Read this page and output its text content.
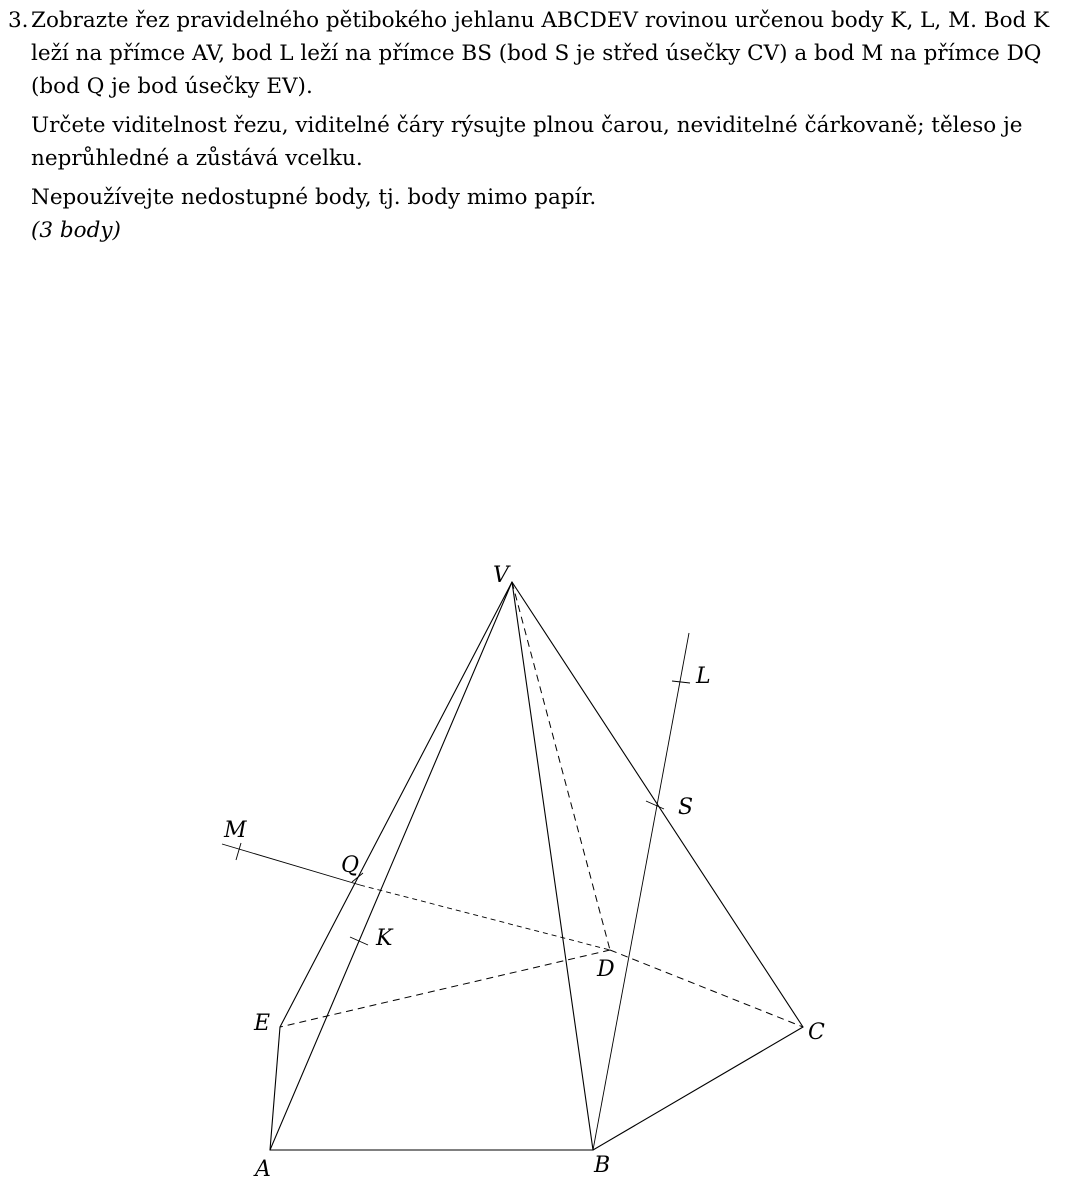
3. Zobrazte řez pravidelného pětibokého jehlanu ABCDEV rovinou určenou body K, L, M. Bod K leží na přímce AV, bod L leží na přímce BS (bod S je střed úsečky CV) a bod M na přímce DQ (bod Q je bod úsečky EV).

Určete viditelnost řezu, viditelné čáry rýsujte plnou čarou, neviditelné čárkovaně; těleso je neprůhledné a zůstává vcelku.

Nepoužívejte nedostupné body, tj. body mimo papír.
(3 body)

V
A	B
C
D
E
K
L
M
Q
S
